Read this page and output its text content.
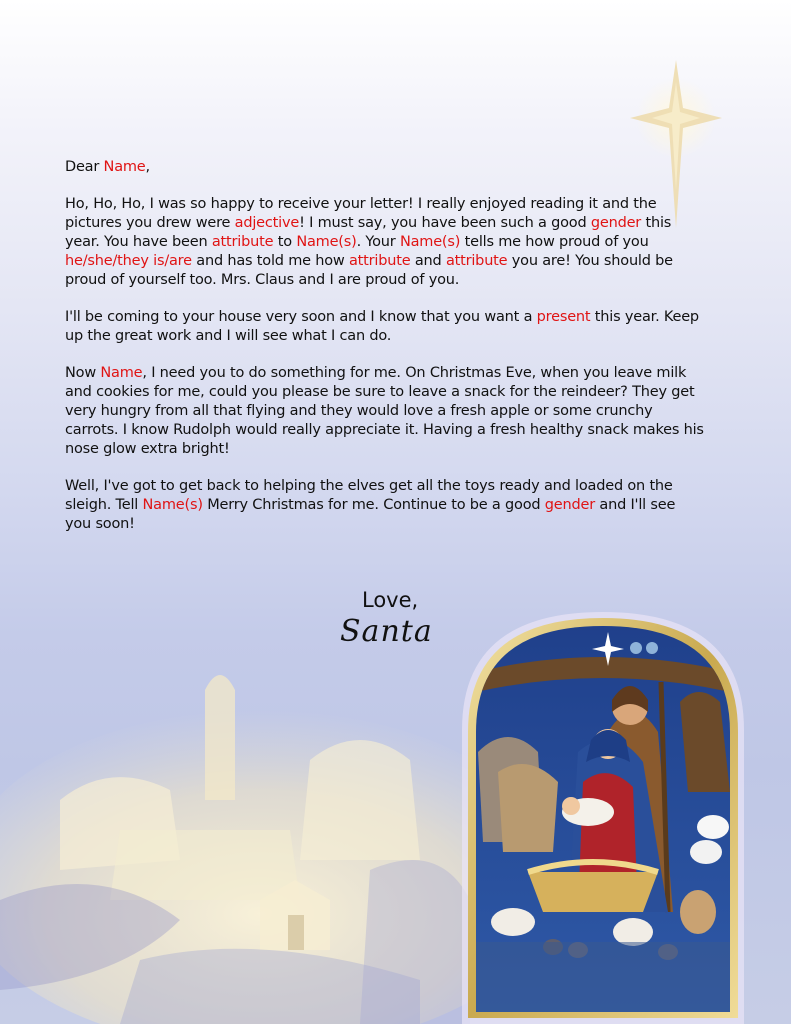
Dear Name,

Ho, Ho, Ho, I was so happy to receive your letter! I really enjoyed reading it and the pictures you drew were adjective! I must say, you have been such a good gender this year. You have been attribute to Name(s). Your Name(s) tells me how proud of you he/she/they is/are and has told me how attribute and attribute you are! You should be proud of yourself too. Mrs. Claus and I are proud of you.

I'll be coming to your house very soon and I know that you want a present this year. Keep up the great work and I will see what I can do.

Now Name, I need you to do something for me. On Christmas Eve, when you leave milk and cookies for me, could you please be sure to leave a snack for the reindeer? They get very hungry from all that flying and they would love a fresh apple or some crunchy carrots. I know Rudolph would really appreciate it. Having a fresh healthy snack makes his nose glow extra bright!

Well, I've got to get back to helping the elves get all the toys ready and loaded on the sleigh. Tell Name(s) Merry Christmas for me. Continue to be a good gender and I'll see you soon!

Love,
Santa
